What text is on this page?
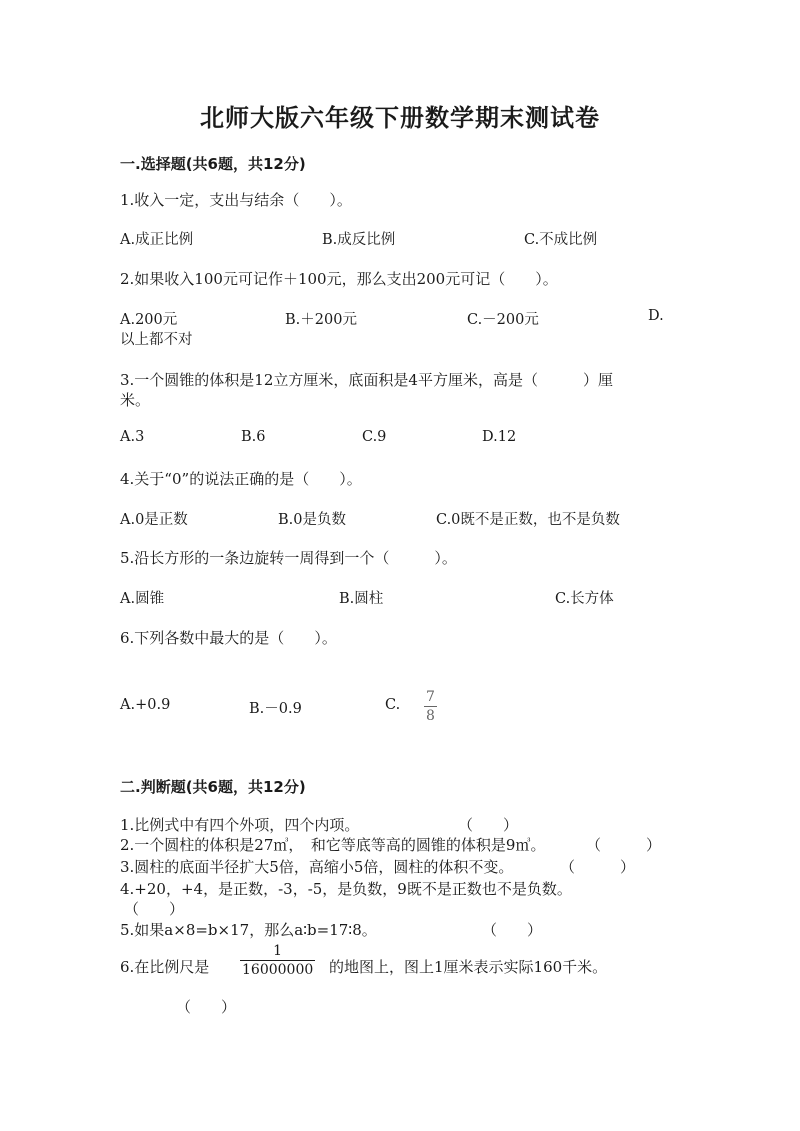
北师大版六年级下册数学期末测试卷
一.选择题(共6题，共12分)
1.收入一定，支出与结余（　　）。
A.成正比例	B.成反比例	C.不成比例
2.如果收入100元可记作＋100元，那么支出200元可记（　　）。
A.200元	B.＋200元	C.－200元	D.
以上都不对
3.一个圆锥的体积是12立方厘米，底面积是4平方厘米，高是（　　　）厘
米。
A.3	B.6	C.9	D.12
4.关于“0”的说法正确的是（　　）。
A.0是正数	B.0是负数	C.0既不是正数，也不是负数
5.沿长方形的一条边旋转一周得到一个（　　　）。
A.圆锥	B.圆柱	C.长方体
6.下列各数中最大的是（　　）。
A.+0.9	B.－0.9	C. 7
8
二.判断题(共6题，共12分)
1.比例式中有四个外项，四个内项。	（　　）
2.一个圆柱的体积是27㎥，　和它等底等高的圆锥的体积是9㎥。	（　　　）
3.圆柱的底面半径扩大5倍，高缩小5倍，圆柱的体积不变。	（　　　）
4.+20，+4，是正数，-3，-5，是负数，9既不是正数也不是负数。
（　　）
5.如果a×8=b×17，那么a∶b=17∶8。	（　　）
6.在比例尺是
1
16000000 的地图上，图上1厘米表示实际160千米。
（　　）
